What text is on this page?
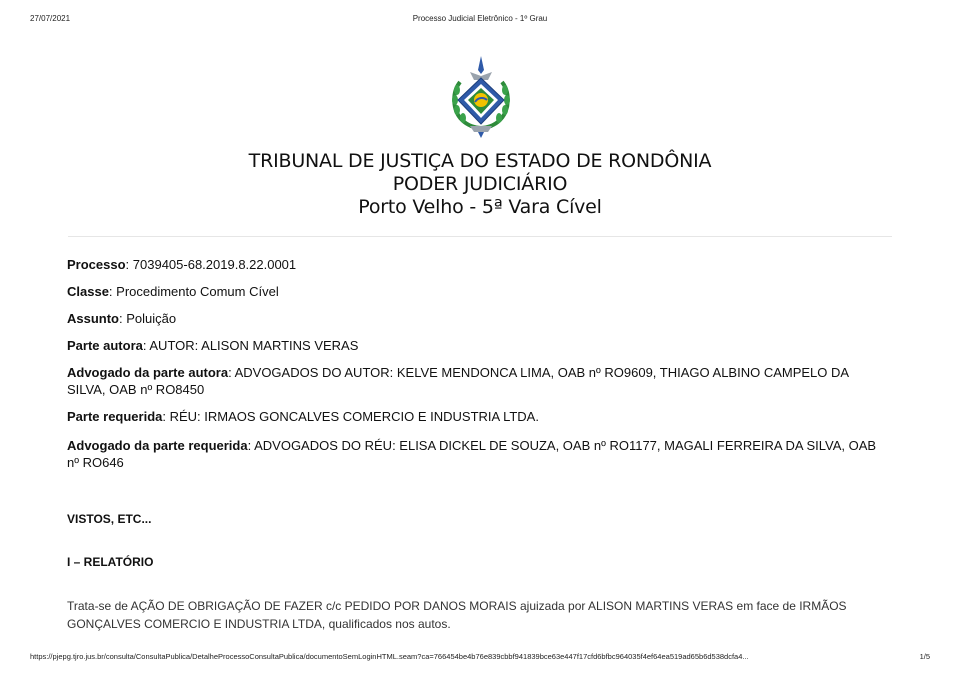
27/07/2021	Processo Judicial Eletrônico - 1º Grau
TRIBUNAL DE JUSTIÇA DO ESTADO DE RONDÔNIA
PODER JUDICIÁRIO
Porto Velho - 5ª Vara Cível
Processo: 7039405-68.2019.8.22.0001
Classe: Procedimento Comum Cível
Assunto: Poluição
Parte autora: AUTOR: ALISON MARTINS VERAS
Advogado da parte autora: ADVOGADOS DO AUTOR: KELVE MENDONCA LIMA, OAB nº RO9609, THIAGO ALBINO CAMPELO DA SILVA, OAB nº RO8450
Parte requerida: RÉU: IRMAOS GONCALVES COMERCIO E INDUSTRIA LTDA.
Advogado da parte requerida: ADVOGADOS DO RÉU: ELISA DICKEL DE SOUZA, OAB nº RO1177, MAGALI FERREIRA DA SILVA, OAB nº RO646
VISTOS, ETC...
I – RELATÓRIO
Trata-se de AÇÃO DE OBRIGAÇÃO DE FAZER c/c PEDIDO POR DANOS MORAIS ajuizada por ALISON MARTINS VERAS em face de IRMÃOS GONÇALVES COMERCIO E INDUSTRIA LTDA, qualificados nos autos.
https://pjepg.tjro.jus.br/consulta/ConsultaPublica/DetalheProcessoConsultaPublica/documentoSemLoginHTML.seam?ca=766454be4b76e839cbbf941839bce63e447f17cfd6bfbc964035f4ef64ea519ad65b6d538dcfa4...	1/5
